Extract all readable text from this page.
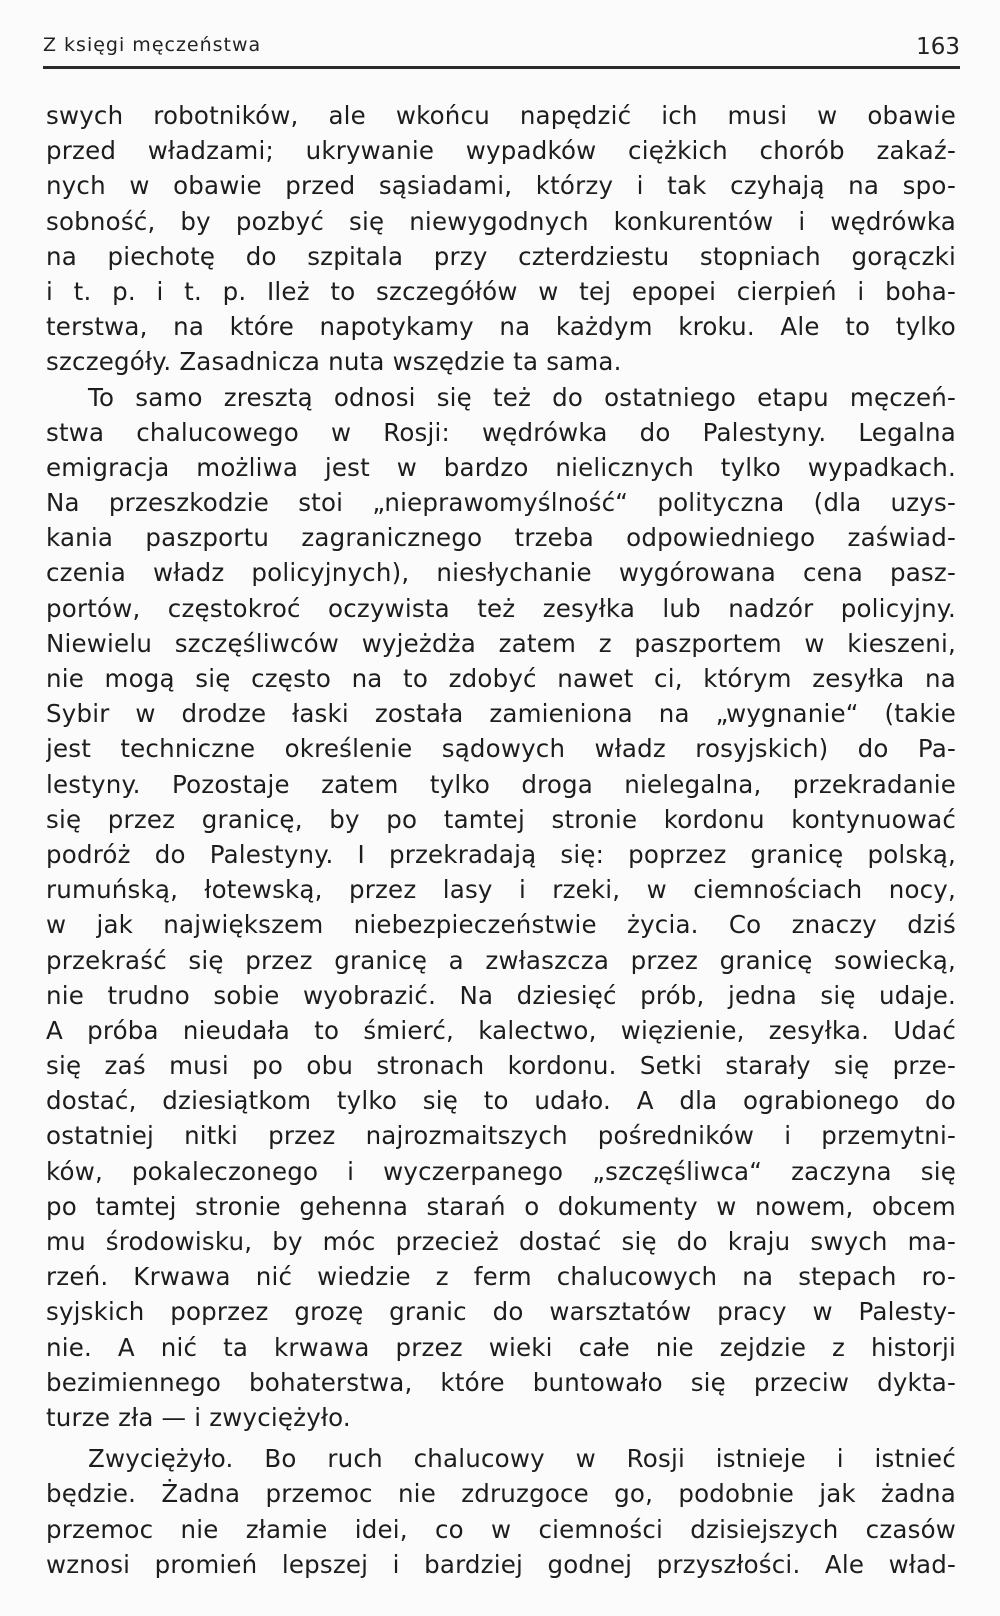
Z księgi męczeństwa	163
swych robotników, ale wkońcu napędzić ich musi w obawie
przed władzami; ukrywanie wypadków ciężkich chorób zakaź-
nych w obawie przed sąsiadami, którzy i tak czyhają na spo-
sobność, by pozbyć się niewygodnych konkurentów i wędrówka
na piechotę do szpitala przy czterdziestu stopniach gorączki
i t. p. i t. p. Ileż to szczegółów w tej epopei cierpień i boha-
terstwa, na które napotykamy na każdym kroku. Ale to tylko
szczegóły. Zasadnicza nuta wszędzie ta sama.
To samo zresztą odnosi się też do ostatniego etapu męczeń-
stwa chalucowego w Rosji: wędrówka do Palestyny. Legalna
emigracja możliwa jest w bardzo nielicznych tylko wypadkach.
Na przeszkodzie stoi „nieprawomyślność“ polityczna (dla uzys-
kania paszportu zagranicznego trzeba odpowiedniego zaświad-
czenia władz policyjnych), niesłychanie wygórowana cena pasz-
portów, częstokroć oczywista też zesyłka lub nadzór policyjny.
Niewielu szczęśliwców wyjeżdża zatem z paszportem w kieszeni,
nie mogą się często na to zdobyć nawet ci, którym zesyłka na
Sybir w drodze łaski została zamieniona na „wygnanie“ (takie
jest techniczne określenie sądowych władz rosyjskich) do Pa-
lestyny. Pozostaje zatem tylko droga nielegalna, przekradanie
się przez granicę, by po tamtej stronie kordonu kontynuować
podróż do Palestyny. I przekradają się: poprzez granicę polską,
rumuńską, łotewską, przez lasy i rzeki, w ciemnościach nocy,
w jak największem niebezpieczeństwie życia. Co znaczy dziś
przekraść się przez granicę a zwłaszcza przez granicę sowiecką,
nie trudno sobie wyobrazić. Na dziesięć prób, jedna się udaje.
A próba nieudała to śmierć, kalectwo, więzienie, zesyłka. Udać
się zaś musi po obu stronach kordonu. Setki starały się prze-
dostać, dziesiątkom tylko się to udało. A dla ograbionego do
ostatniej nitki przez najrozmaitszych pośredników i przemytni-
ków, pokaleczonego i wyczerpanego „szczęśliwca“ zaczyna się
po tamtej stronie gehenna starań o dokumenty w nowem, obcem
mu środowisku, by móc przecież dostać się do kraju swych ma-
rzeń. Krwawa nić wiedzie z ferm chalucowych na stepach ro-
syjskich poprzez grozę granic do warsztatów pracy w Palesty-
nie. A nić ta krwawa przez wieki całe nie zejdzie z historji
bezimiennego bohaterstwa, które buntowało się przeciw dykta-
turze zła — i zwyciężyło.
Zwyciężyło. Bo ruch chalucowy w Rosji istnieje i istnieć
będzie. Żadna przemoc nie zdruzgoce go, podobnie jak żadna
przemoc nie złamie idei, co w ciemności dzisiejszych czasów
wznosi promień lepszej i bardziej godnej przyszłości. Ale wład-
